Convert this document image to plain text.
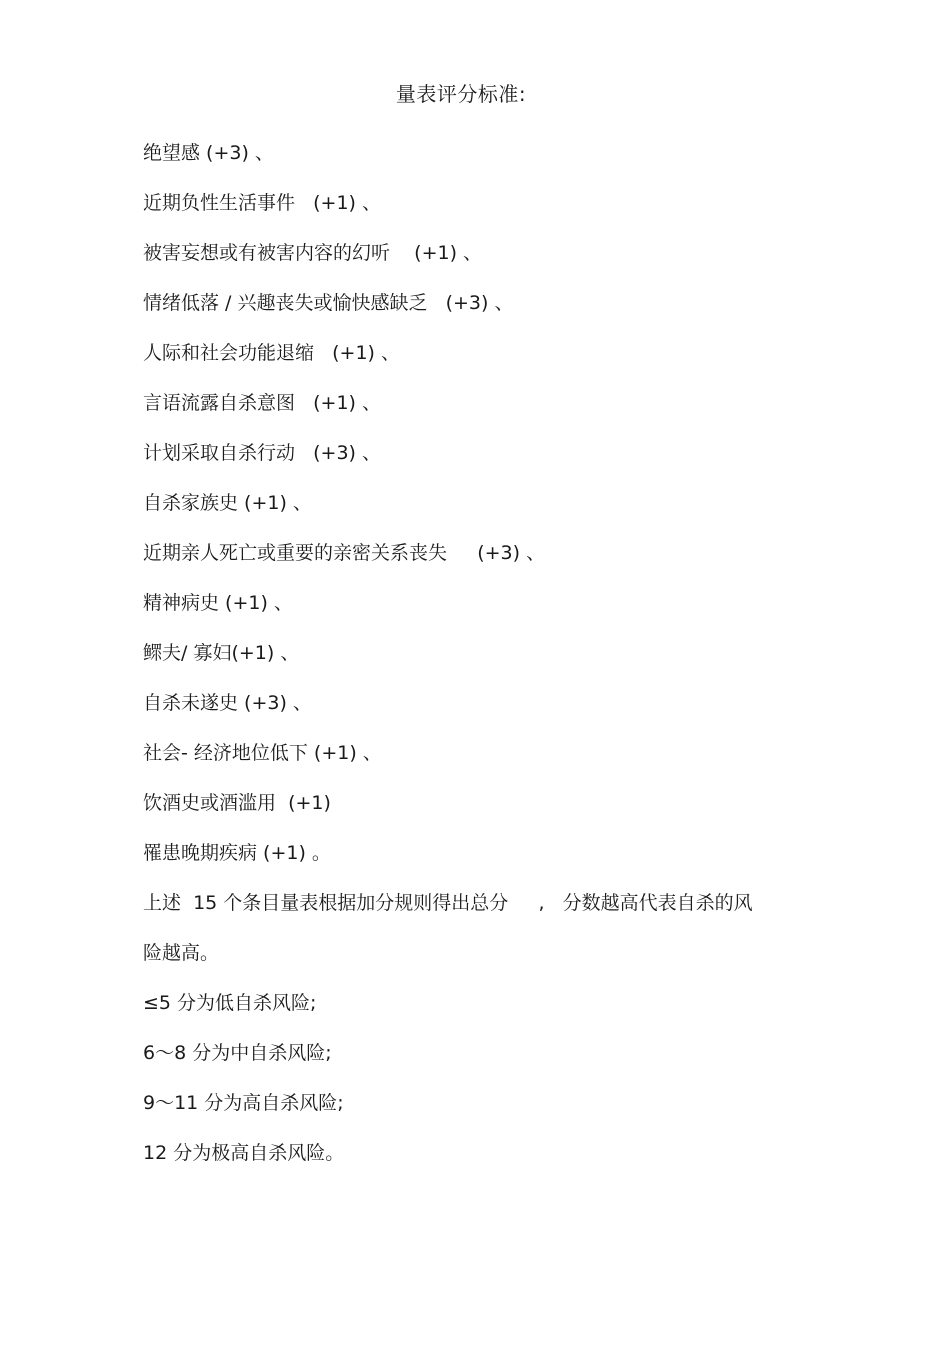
量表评分标准:
绝望感 (+3) 、
近期负性生活事件   (+1) 、
被害妄想或有被害内容的幻听    (+1) 、
情绪低落 / 兴趣丧失或愉快感缺乏   (+3) 、
人际和社会功能退缩   (+1) 、
言语流露自杀意图   (+1) 、
计划采取自杀行动   (+3) 、
自杀家族史 (+1) 、
近期亲人死亡或重要的亲密关系丧失     (+3) 、
精神病史 (+1) 、
鳏夫/ 寡妇(+1) 、
自杀未遂史 (+3) 、
社会- 经济地位低下 (+1) 、
饮酒史或酒滥用  (+1)
罹患晚期疾病 (+1) 。
上述  15 个条目量表根据加分规则得出总分     ,   分数越高代表自杀的风
险越高。
≤5 分为低自杀风险;
6～8 分为中自杀风险;
9～11 分为高自杀风险;
12 分为极高自杀风险。
